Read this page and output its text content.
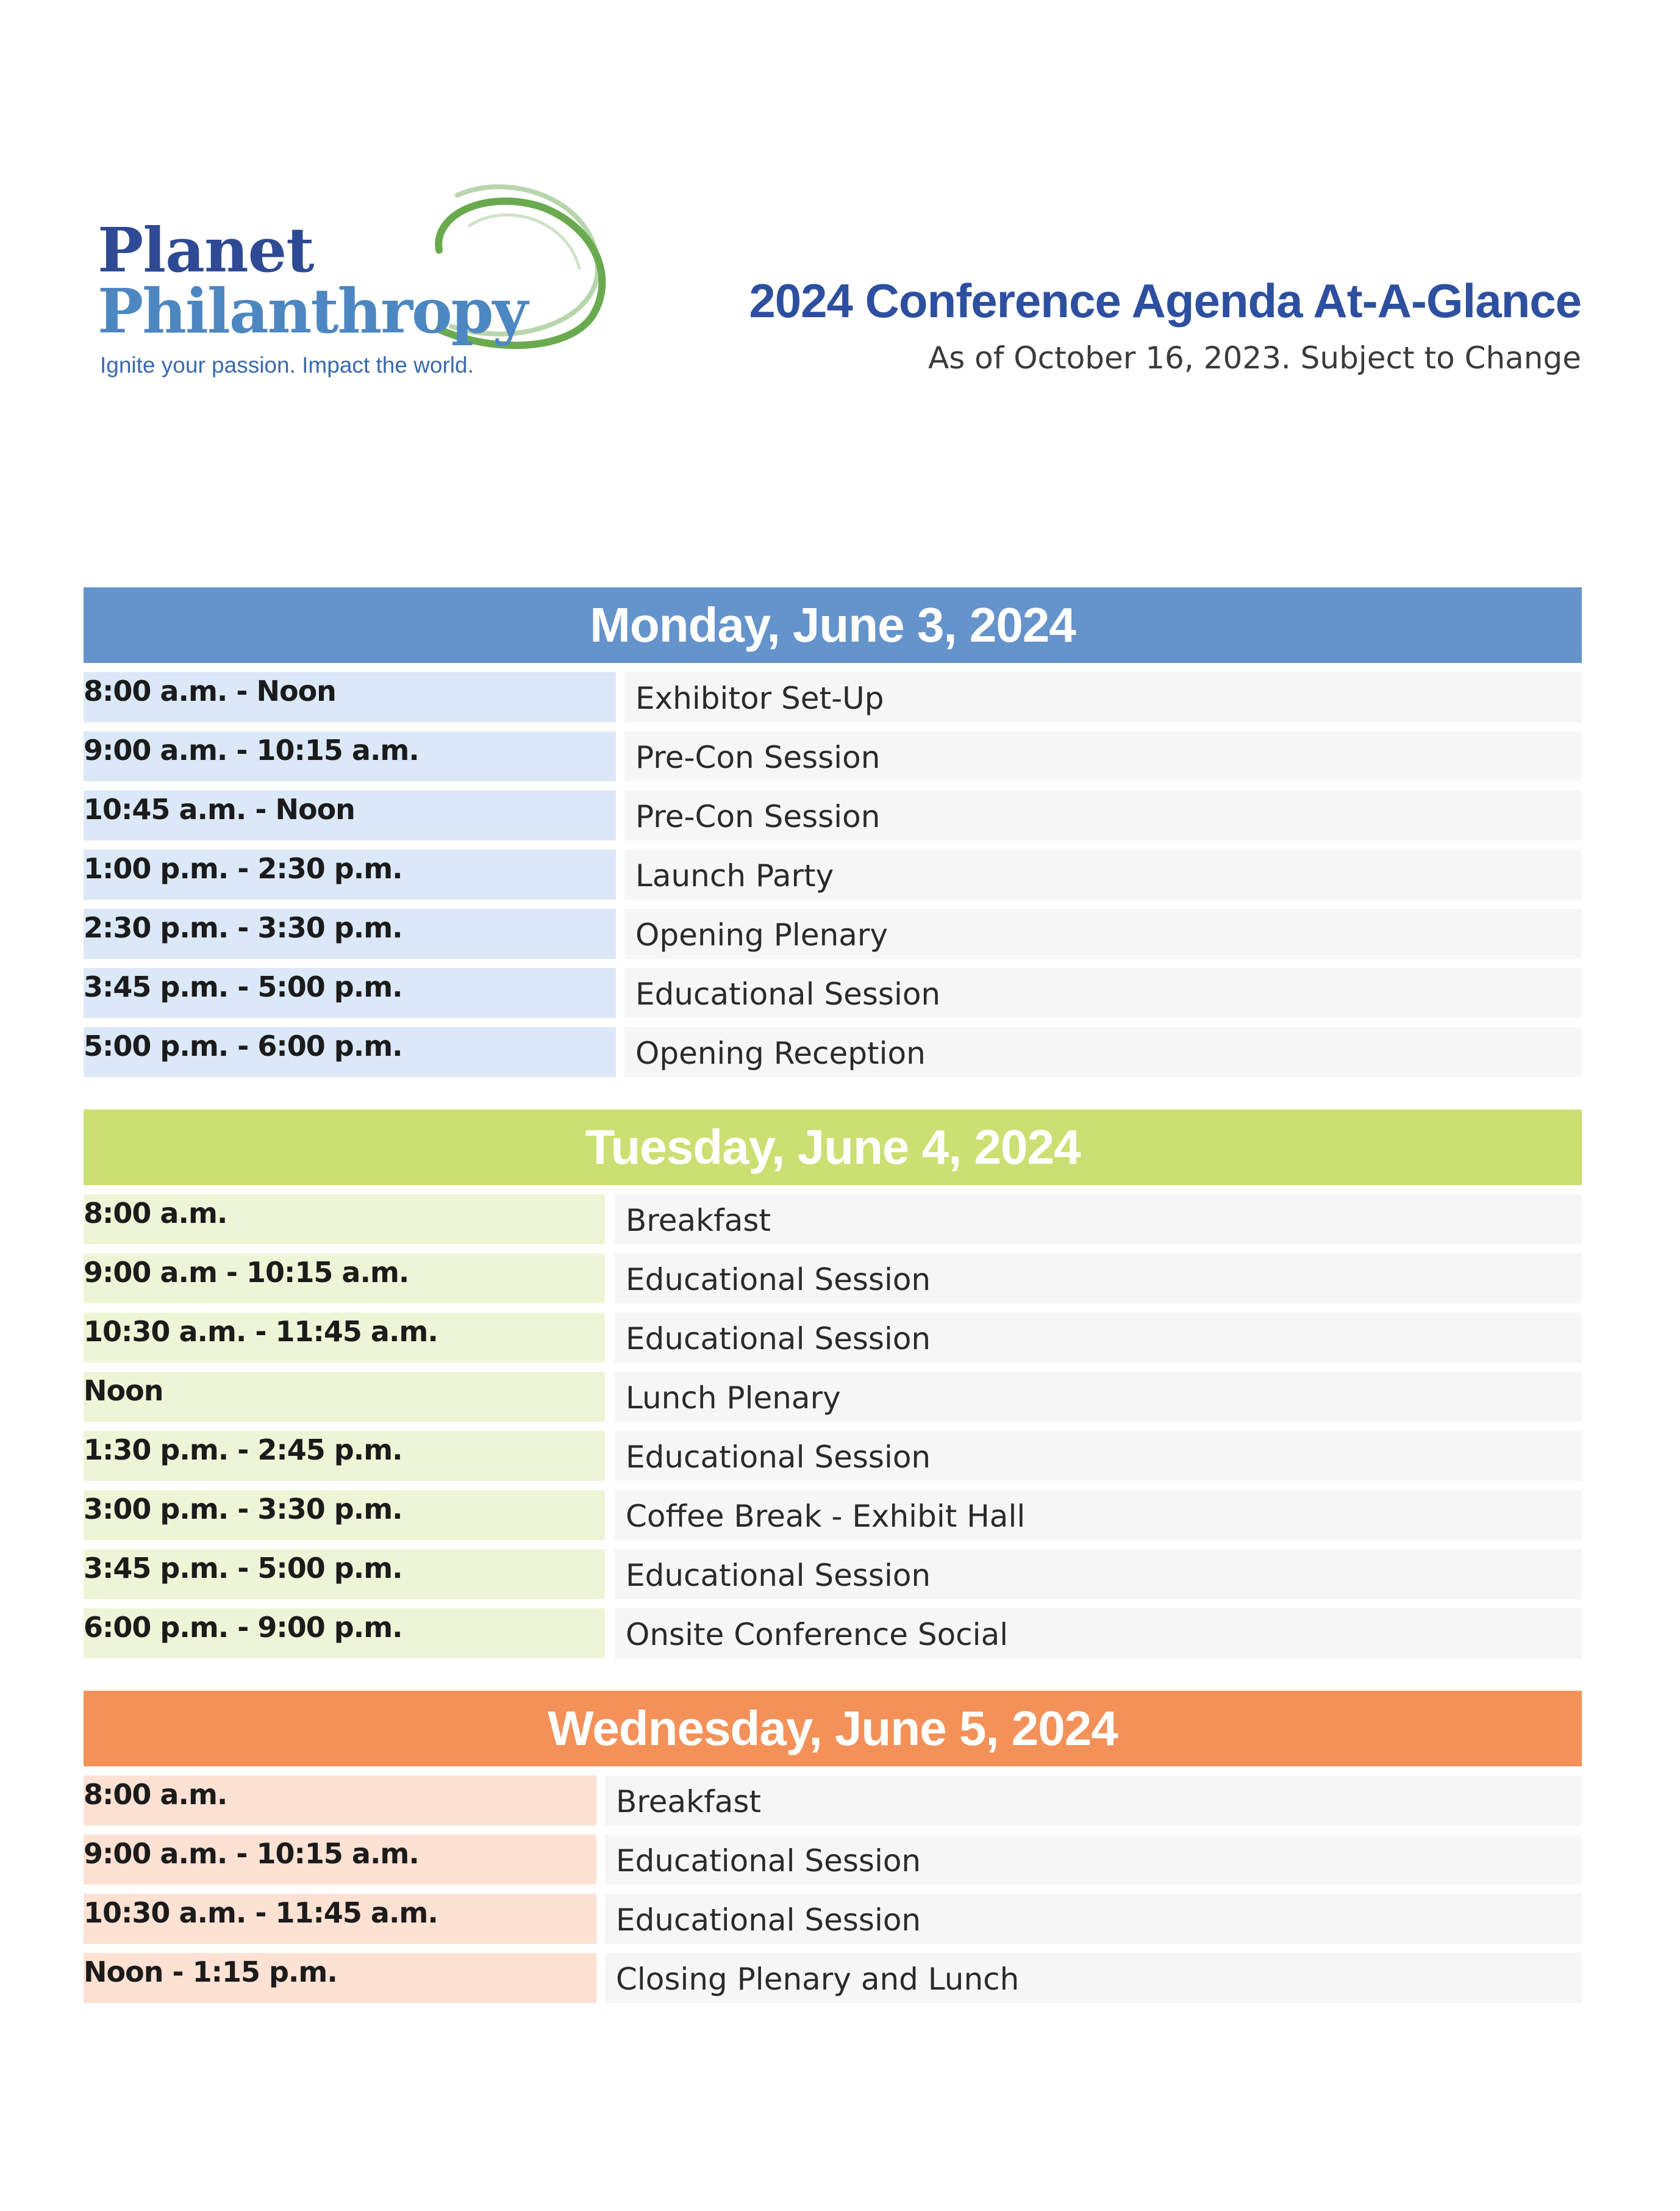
Planet
Philanthropy
Ignite your passion. Impact the world.
2024 Conference Agenda At-A-Glance
As of October 16, 2023. Subject to Change
Monday, June 3, 2024
8:00 a.m. - Noon	Exhibitor Set-Up
9:00 a.m. - 10:15 a.m.	Pre-Con Session
10:45 a.m. - Noon	Pre-Con Session
1:00 p.m. - 2:30 p.m.	Launch Party
2:30 p.m. - 3:30 p.m.	Opening Plenary
3:45 p.m. - 5:00 p.m.	Educational Session
5:00 p.m. - 6:00 p.m.	Opening Reception
Tuesday, June 4, 2024
8:00 a.m.	Breakfast
9:00 a.m - 10:15 a.m.	Educational Session
10:30 a.m. - 11:45 a.m.	Educational Session
Noon	Lunch Plenary
1:30 p.m. - 2:45 p.m.	Educational Session
3:00 p.m. - 3:30 p.m.	Coffee Break - Exhibit Hall
3:45 p.m. - 5:00 p.m.	Educational Session
6:00 p.m. - 9:00 p.m.	Onsite Conference Social
Wednesday, June 5, 2024
8:00 a.m.	Breakfast
9:00 a.m. - 10:15 a.m.	Educational Session
10:30 a.m. - 11:45 a.m.	Educational Session
Noon - 1:15 p.m.	Closing Plenary and Lunch
